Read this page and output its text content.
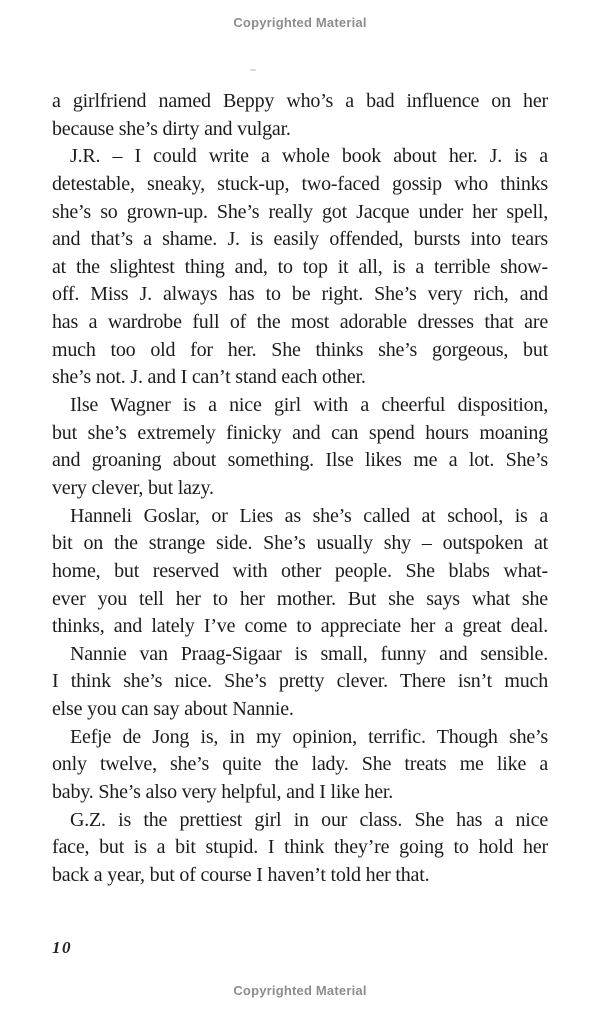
Copyrighted Material
a girlfriend named Beppy who’s a bad influence on her
because she’s dirty and vulgar.
J.R. – I could write a whole book about her. J. is a
detestable, sneaky, stuck-up, two-faced gossip who thinks
she’s so grown-up. She’s really got Jacque under her spell,
and that’s a shame. J. is easily offended, bursts into tears
at the slightest thing and, to top it all, is a terrible show-
off. Miss J. always has to be right. She’s very rich, and
has a wardrobe full of the most adorable dresses that are
much too old for her. She thinks she’s gorgeous, but
she’s not. J. and I can’t stand each other.
Ilse Wagner is a nice girl with a cheerful disposition,
but she’s extremely finicky and can spend hours moaning
and groaning about something. Ilse likes me a lot. She’s
very clever, but lazy.
Hanneli Goslar, or Lies as she’s called at school, is a
bit on the strange side. She’s usually shy – outspoken at
home, but reserved with other people. She blabs what-
ever you tell her to her mother. But she says what she
thinks, and lately I’ve come to appreciate her a great deal.
Nannie van Praag-Sigaar is small, funny and sensible.
I think she’s nice. She’s pretty clever. There isn’t much
else you can say about Nannie.
Eefje de Jong is, in my opinion, terrific. Though she’s
only twelve, she’s quite the lady. She treats me like a
baby. She’s also very helpful, and I like her.
G.Z. is the prettiest girl in our class. She has a nice
face, but is a bit stupid. I think they’re going to hold her
back a year, but of course I haven’t told her that.
10
Copyrighted Material
